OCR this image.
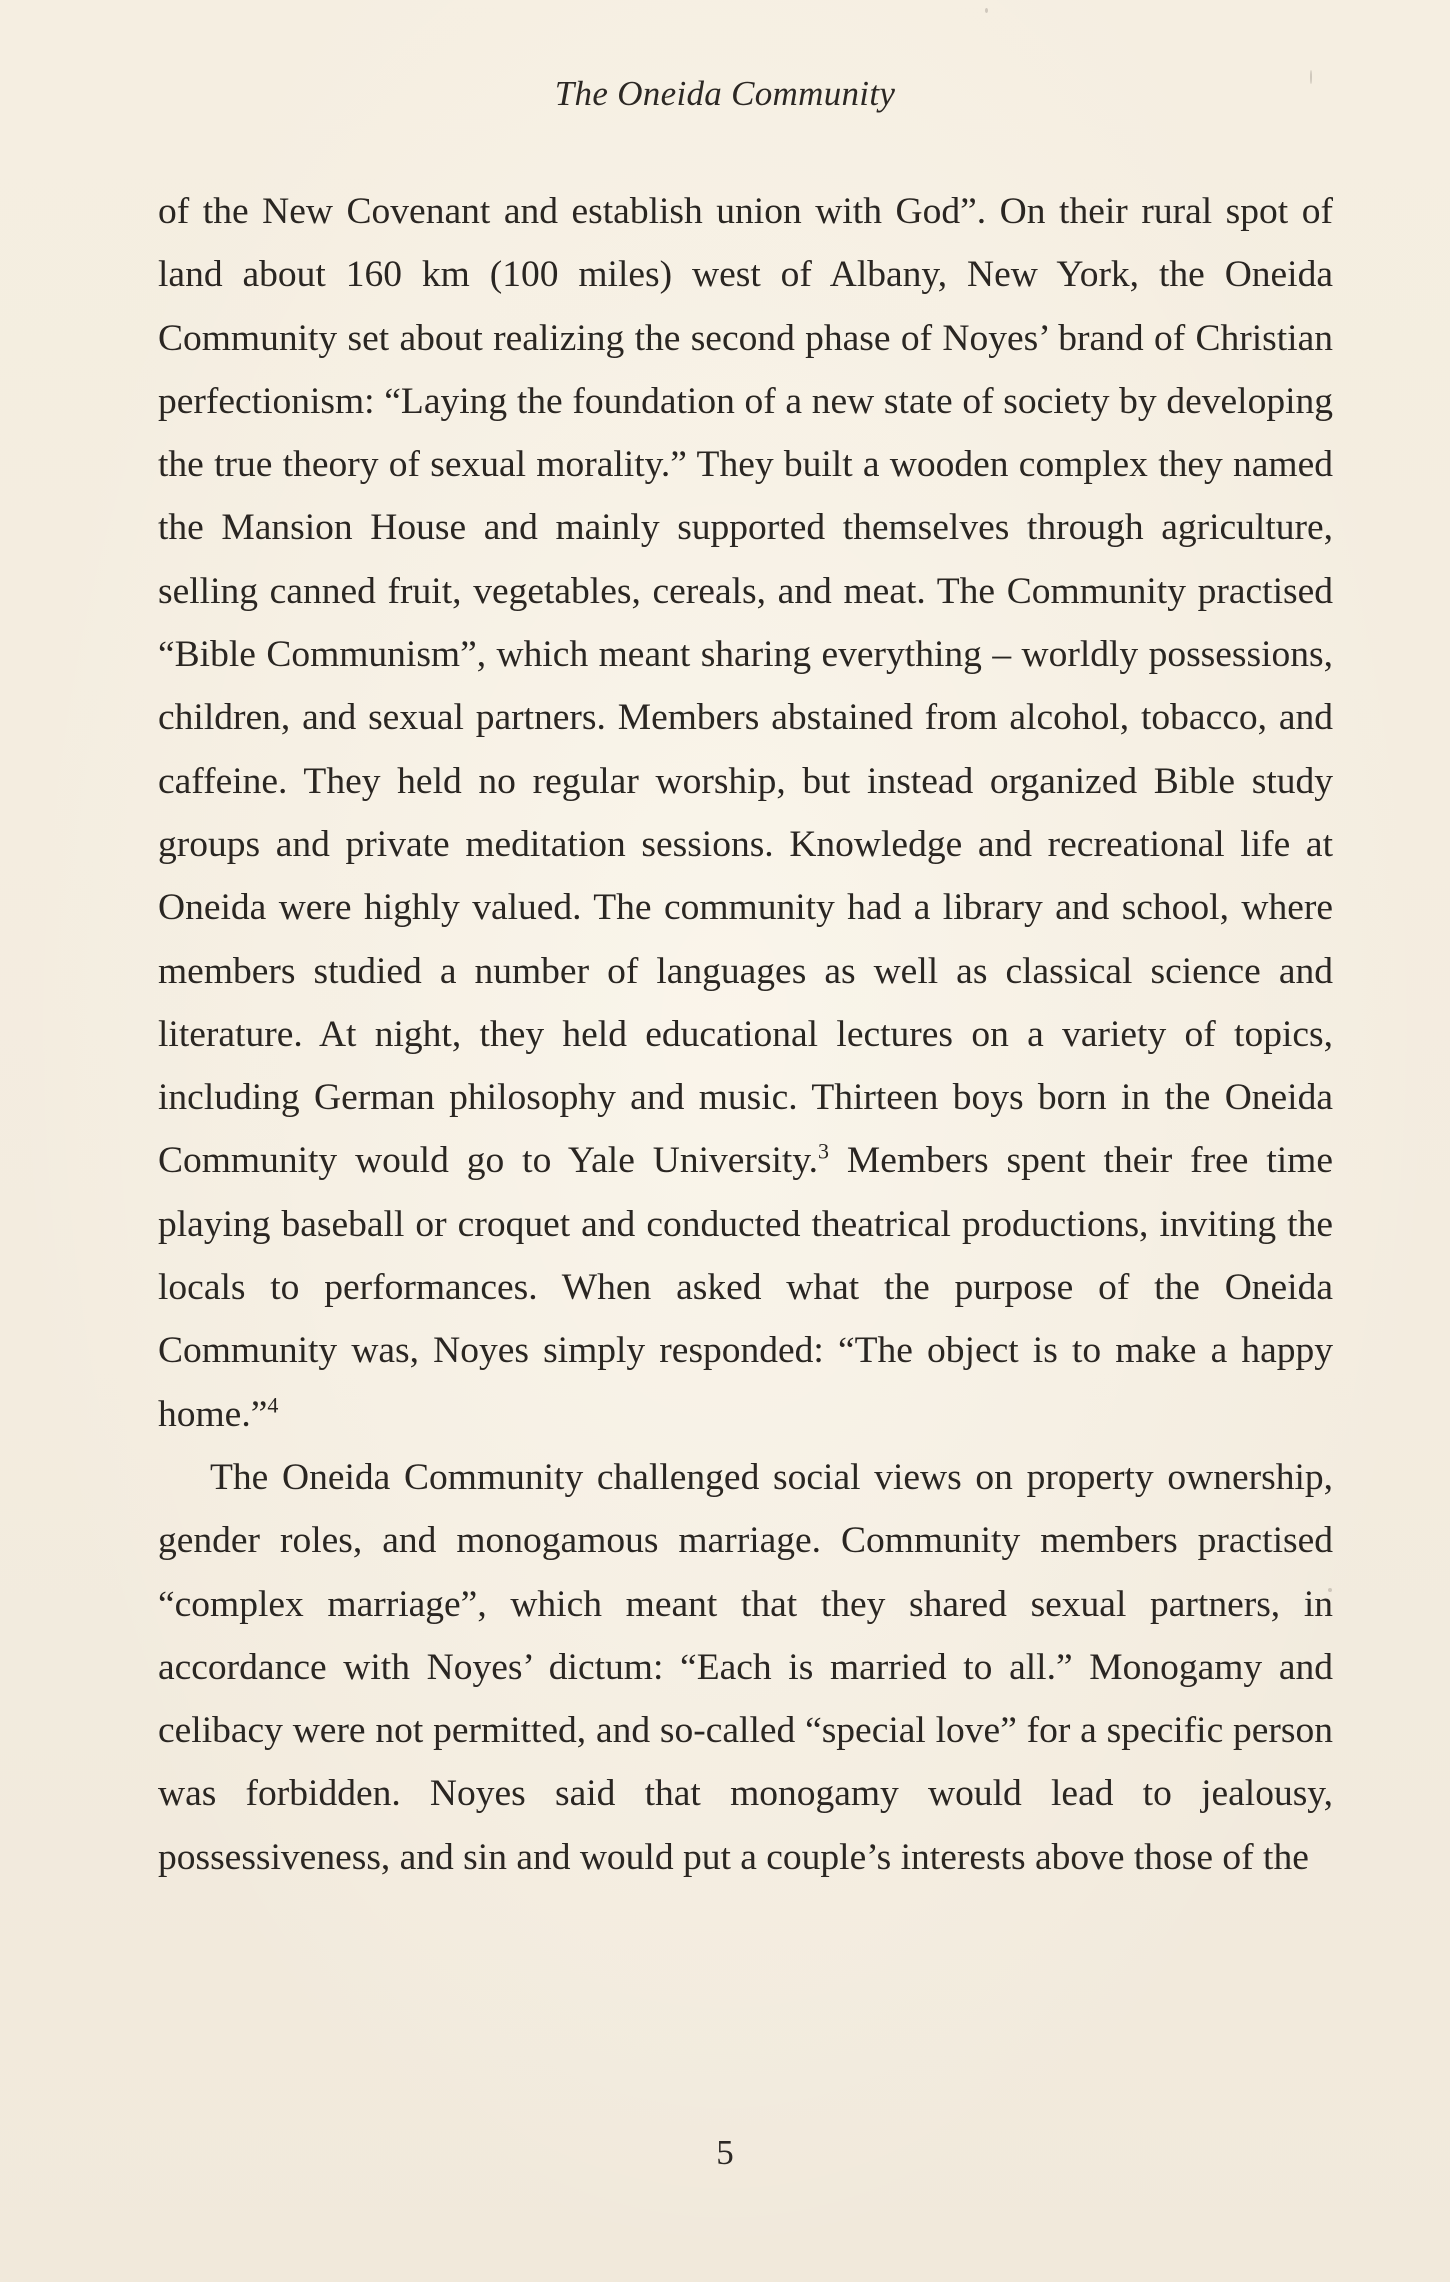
The Oneida Community

of the New Covenant and establish union with God”. On their rural spot of land about 160 km (100 miles) west of Albany, New York, the Oneida Community set about realizing the second phase of Noyes’ brand of Christian perfectionism: “Laying the foundation of a new state of society by developing the true theory of sexual morality.” They built a wooden complex they named the Mansion House and mainly supported themselves through agriculture, selling canned fruit, vegetables, cereals, and meat. The Community practised “Bible Communism”, which meant sharing everything – worldly possessions, children, and sexual partners. Members abstained from alcohol, tobacco, and caffeine. They held no regular worship, but instead organized Bible study groups and private meditation sessions. Knowledge and recreational life at Oneida were highly valued. The community had a library and school, where members studied a number of languages as well as classical science and literature. At night, they held educational lectures on a variety of topics, including German philosophy and music. Thirteen boys born in the Oneida Community would go to Yale University.$^3$ Members spent their free time playing baseball or croquet and conducted theatrical productions, inviting the locals to performances. When asked what the purpose of the Oneida Community was, Noyes simply responded: “The object is to make a happy home.”$^4$

The Oneida Community challenged social views on property ownership, gender roles, and monogamous marriage. Community members practised “complex marriage”, which meant that they shared sexual partners, in accordance with Noyes’ dictum: “Each is married to all.” Monogamy and celibacy were not permitted, and so-called “special love” for a specific person was forbidden. Noyes said that monogamy would lead to jealousy, possessiveness, and sin and would put a couple’s interests above those of the

5
